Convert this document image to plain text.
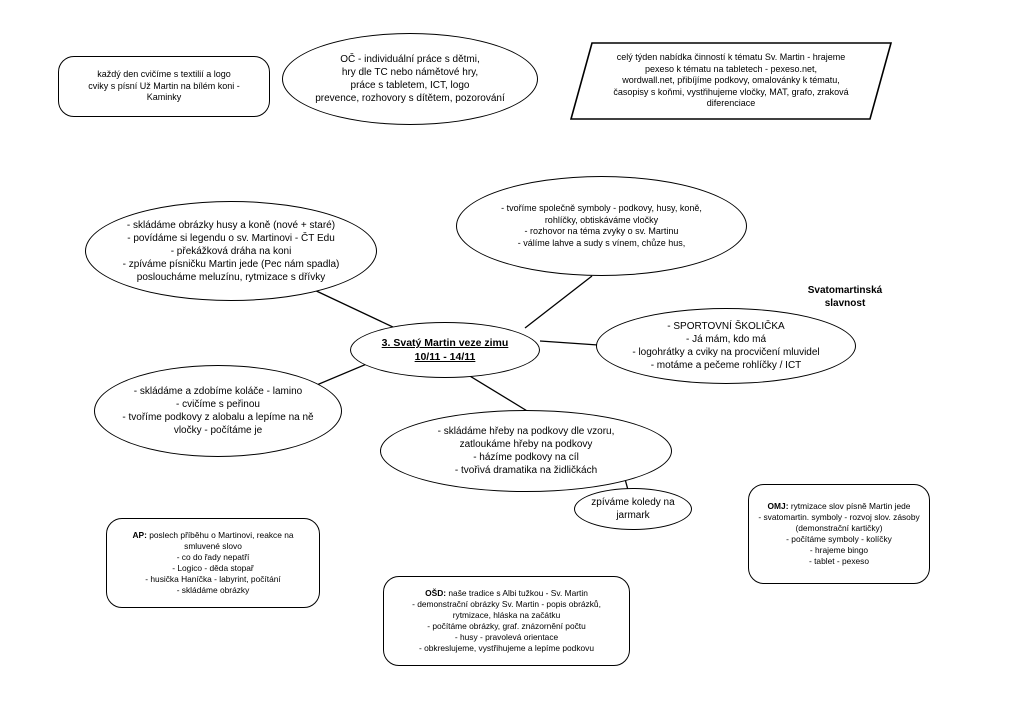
každý den cvičíme s textilií a logo
cviky s písní Už Martin na bílém koni -
Kaminky
OČ - individuální práce s dětmi,
hry dle TC nebo námětové hry,
práce s tabletem, ICT, logo
prevence, rozhovory s dítětem, pozorování
celý týden nabídka činností k tématu Sv. Martin - hrajeme
pexeso k tématu na tabletech - pexeso.net,
wordwall.net, přibíjíme podkovy, omalovánky k tématu,
časopisy s koňmi, vystřihujeme vločky, MAT, grafo, zraková
diferenciace
- tvoříme společně symboly - podkovy, husy, koně,
rohlíčky, obtiskáváme vločky
- rozhovor na téma zvyky o sv. Martinu
- válíme lahve a sudy s vínem, chůze hus,
- skládáme obrázky husy a koně (nové + staré)
- povídáme si legendu o sv. Martinovi - ČT Edu
- překážková dráha na koni
- zpíváme písničku Martin jede (Pec nám spadla)
posloucháme meluzínu, rytmizace s dřívky
Svatomartinská
slavnost
3. Svatý Martin veze zimu
10/11 - 14/11
- SPORTOVNÍ ŠKOLIČKA
- Já mám, kdo má
- logohrátky a cviky na procvičení mluvidel
- motáme a pečeme rohlíčky / ICT
- skládáme a zdobíme koláče - lamino
- cvičíme s peřinou
- tvoříme podkovy z alobalu a lepíme na ně
vločky - počítáme je	- skládáme hřeby na podkovy dle vzoru,
zatloukáme hřeby na podkovy
- házíme podkovy na cíl
- tvořivá dramatika na židličkách
zpíváme koledy na
jarmark
OMJ: rytmizace slov písně Martin jede
- svatomartin. symboly - rozvoj slov. zásoby
(demonstrační kartičky)
- počítáme symboly - kolíčky
- hrajeme bingo
- tablet - pexeso
AP: poslech příběhu o Martinovi, reakce na
smluvené slovo
- co do řady nepatří
- Logico - děda stopař
- husička Haníčka - labyrint, počítání
- skládáme obrázky	OŠD: naše tradice s Albi tužkou - Sv. Martin
- demonstrační obrázky Sv. Martin - popis obrázků,
rytmizace, hláska na začátku
- počítáme obrázky, graf. znázornění počtu
- husy - pravolevá orientace
- obkreslujeme, vystřihujeme a lepíme podkovu
